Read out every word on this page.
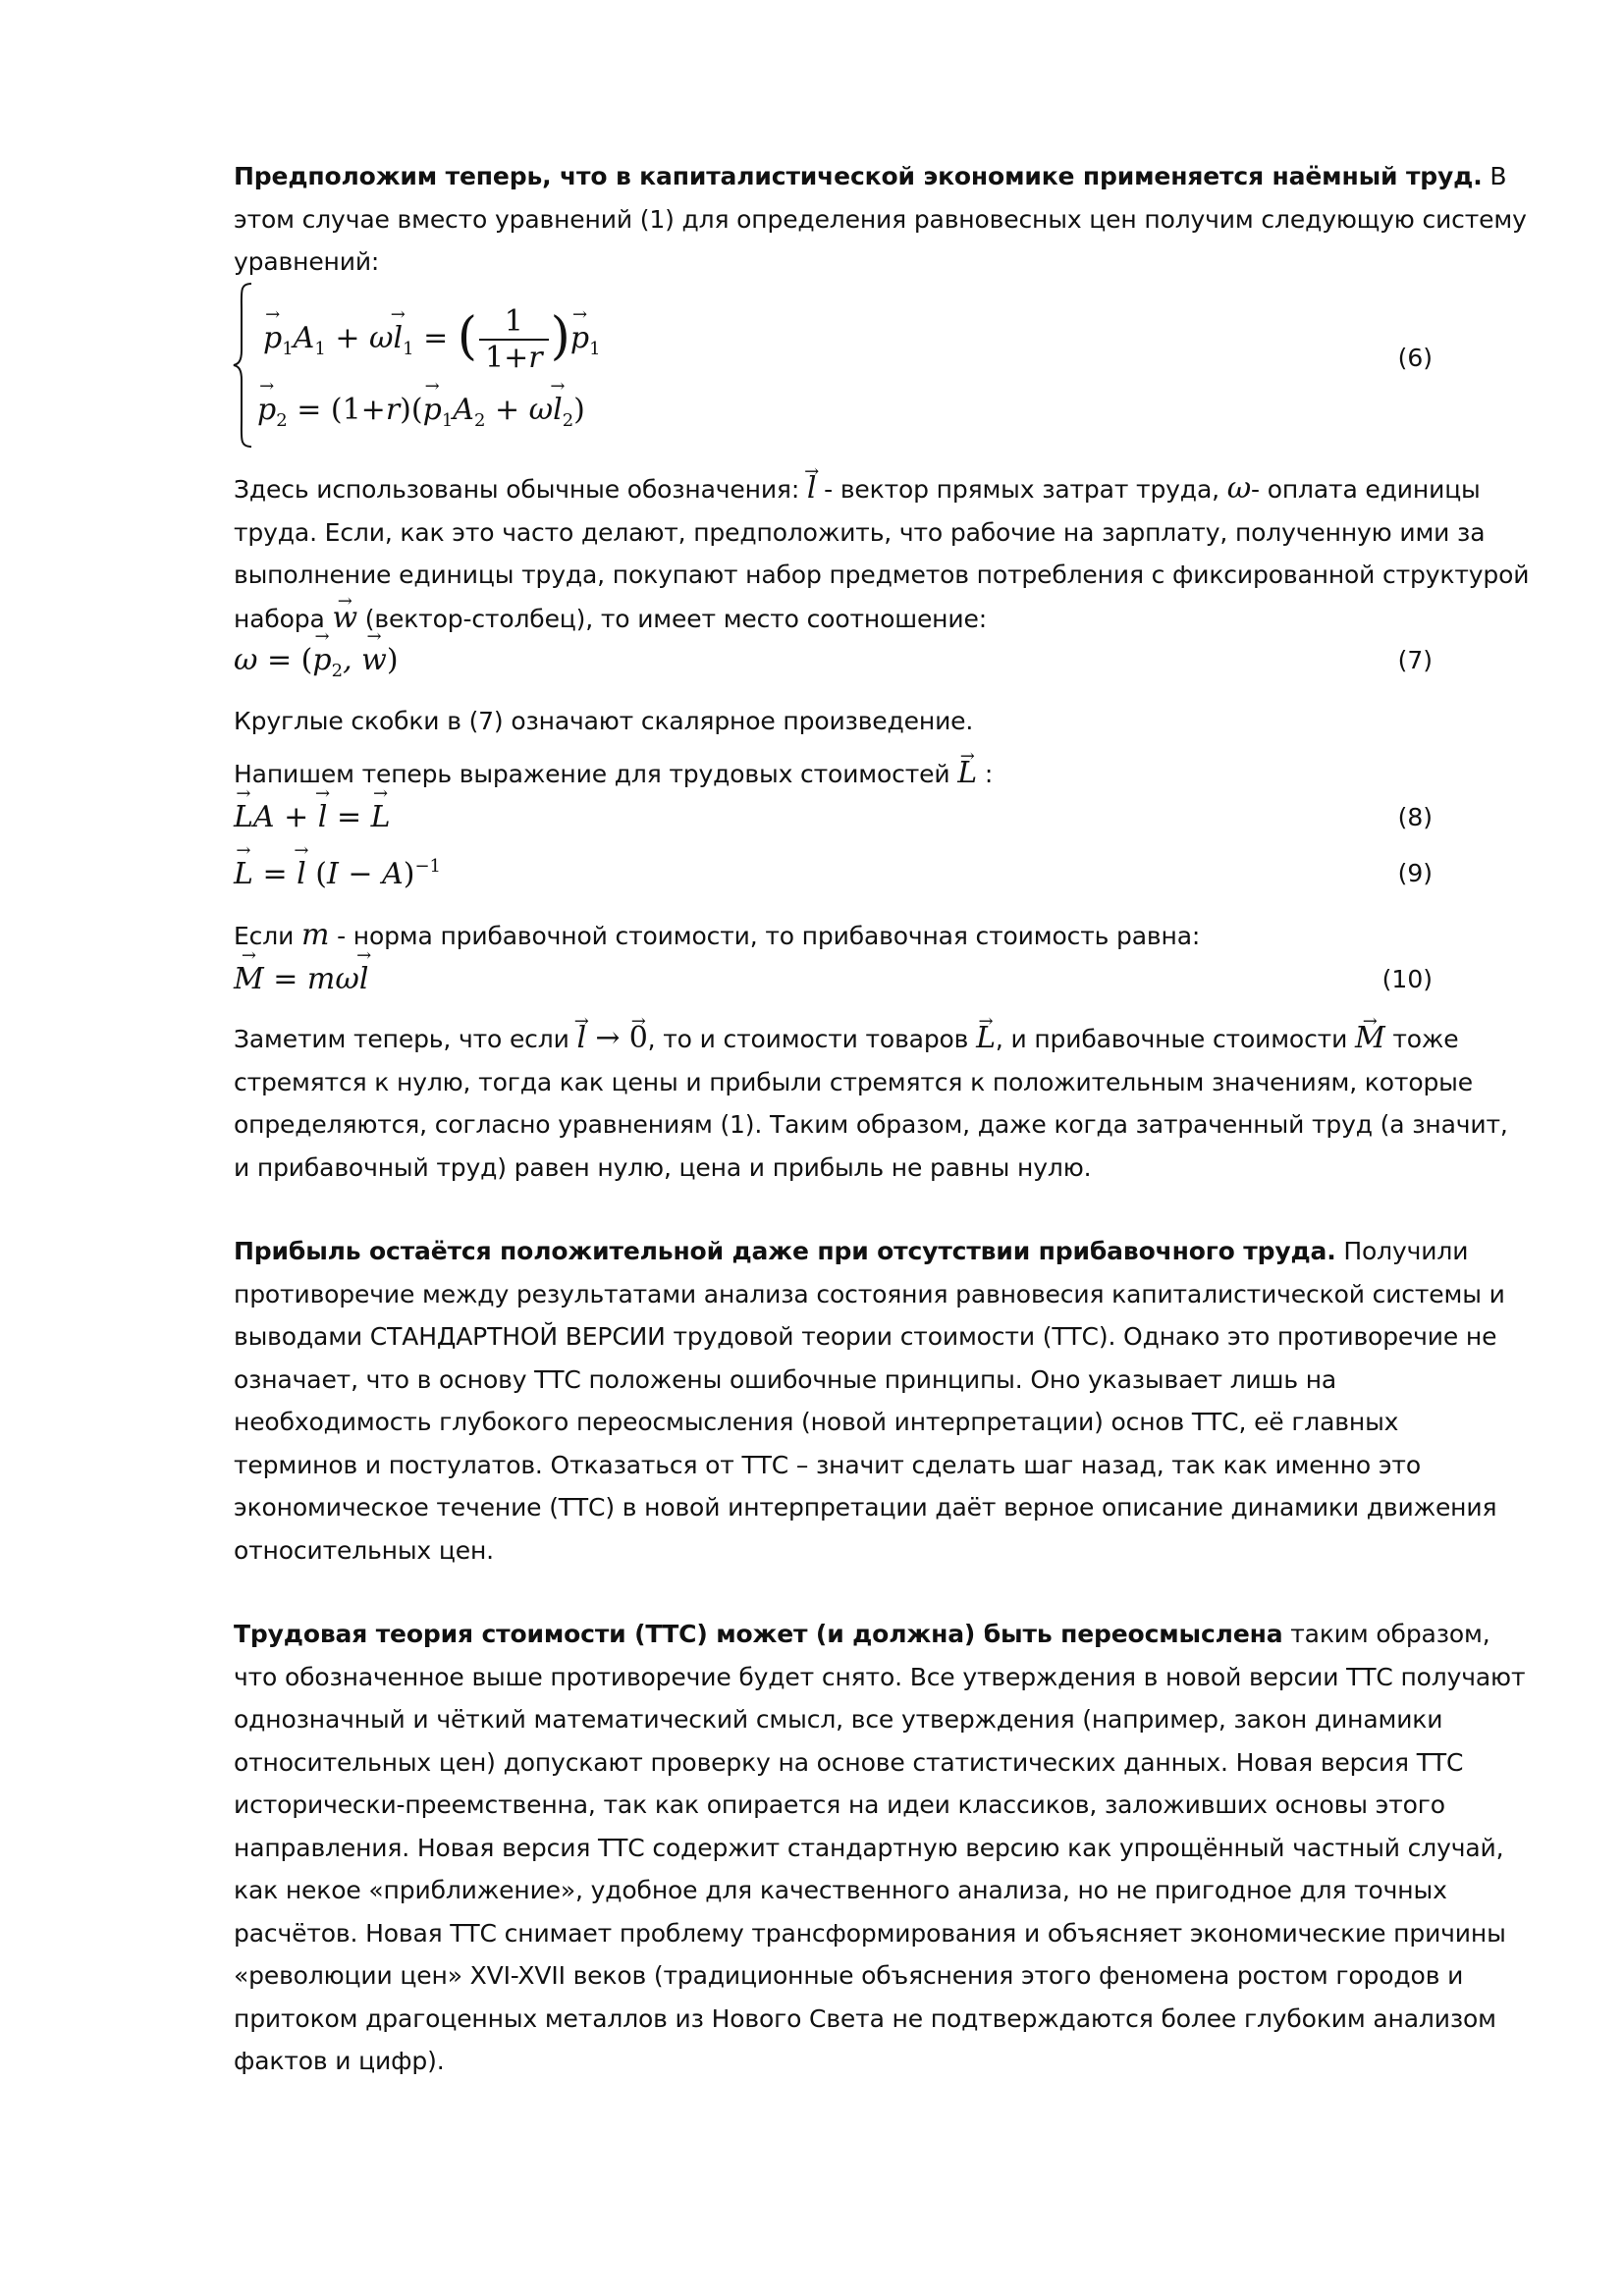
Предположим теперь, что в капиталистической экономике применяется наёмный труд. В этом случае вместо уравнений (1) для определения равновесных цен получим следующую систему уравнений:
→ $p_1A_1 + \omega\to l_1$ = ( $\frac{1}{1+r}$ )→ $p_1$
→ $p_2 = (1+r)(\to p_1A_2 + \omega\to l_2)$
(6)
Здесь использованы обычные обозначения: → l - вектор прямых затрат труда, ω- оплата единицы труда. Если, как это часто делают, предположить, что рабочие на зарплату, полученную ими за выполнение единицы труда, покупают набор предметов потребления с фиксированной структурой набора → w (вектор-столбец), то имеет место соотношение:
ω = (→ $p_2$, → w)	(7)
Круглые скобки в (7) означают скалярное произведение.
Напишем теперь выражение для трудовых стоимостей → L :
→ LA + → l = → L	(8)
→ L = → l $(I - A)^{-1}$	(9)
Если m - норма прибавочной стоимости, то прибавочная стоимость равна:
→ M = mω→ l	(10)
Заметим теперь, что если → l → → 0, то и стоимости товаров → L, и прибавочные стоимости → M тоже стремятся к нулю, тогда как цены и прибыли стремятся к положительным значениям, которые определяются, согласно уравнениям (1). Таким образом, даже когда затраченный труд (а значит, и прибавочный труд) равен нулю, цена и прибыль не равны нулю.
Прибыль остаётся положительной даже при отсутствии прибавочного труда. Получили противоречие между результатами анализа состояния равновесия капиталистической системы и выводами СТАНДАРТНОЙ ВЕРСИИ трудовой теории стоимости (ТТС). Однако это противоречие не означает, что в основу ТТС положены ошибочные принципы. Оно указывает лишь на необходимость глубокого переосмысления (новой интерпретации) основ ТТС, её главных терминов и постулатов. Отказаться от ТТС – значит сделать шаг назад, так как именно это экономическое течение (ТТС) в новой интерпретации даёт верное описание динамики движения относительных цен.
Трудовая теория стоимости (ТТС) может (и должна) быть переосмыслена таким образом, что обозначенное выше противоречие будет снято. Все утверждения в новой версии ТТС получают однозначный и чёткий математический смысл, все утверждения (например, закон динамики относительных цен) допускают проверку на основе статистических данных. Новая версия ТТС исторически-преемственна, так как опирается на идеи классиков, заложивших основы этого направления. Новая версия ТТС содержит стандартную версию как упрощённый частный случай, как некое «приближение», удобное для качественного анализа, но не пригодное для точных расчётов. Новая ТТС снимает проблему трансформирования и объясняет экономические причины «революции цен» XVI-XVII веков (традиционные объяснения этого феномена ростом городов и притоком драгоценных металлов из Нового Света не подтверждаются более глубоким анализом фактов и цифр).
